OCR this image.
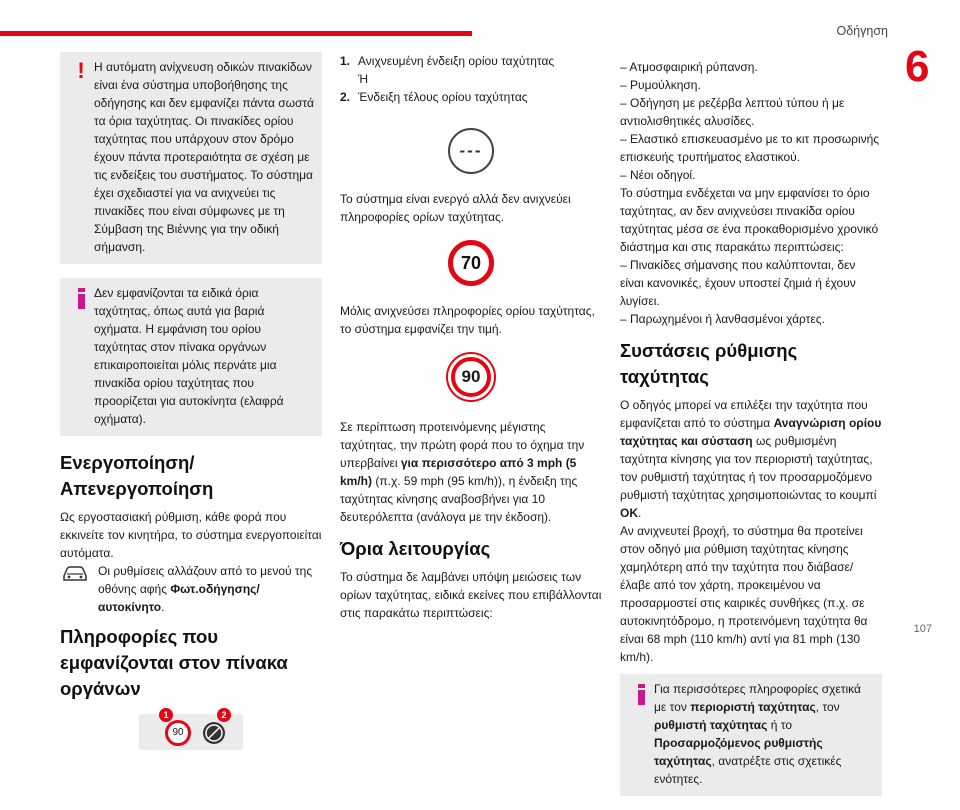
Οδήγηση
6
107
! Η αυτόματη ανίχνευση οδικών πινακίδων είναι ένα σύστημα υποβοήθησης της οδήγησης και δεν εμφανίζει πάντα σωστά τα όρια ταχύτητας. Οι πινακίδες ορίου ταχύτητας που υπάρχουν στον δρόμο έχουν πάντα προτεραιότητα σε σχέση με τις ενδείξεις του συστήματος. Το σύστημα έχει σχεδιαστεί για να ανιχνεύει τις πινακίδες που είναι σύμφωνες με τη Σύμβαση της Βιέννης για την οδική σήμανση.

Δεν εμφανίζονται τα ειδικά όρια ταχύτητας, όπως αυτά για βαριά οχήματα. Η εμφάνιση του ορίου ταχύτητας στον πίνακα οργάνων επικαιροποιείται μόλις περνάτε μια πινακίδα ορίου ταχύτητας που προορίζεται για αυτοκίνητα (ελαφρά οχήματα).

Ενεργοποίηση/ Απενεργοποίηση

Ως εργοστασιακή ρύθμιση, κάθε φορά που εκκινείτε τον κινητήρα, το σύστημα ενεργοποιείται αυτόματα.

Οι ρυθμίσεις αλλάζουν από το μενού της οθόνης αφής Φωτ.οδήγησης/αυτοκίνητο.

Πληροφορίες που εμφανίζονται στον πίνακα οργάνων
1
90
2
1. Ανιχνευμένη ένδειξη ορίου ταχύτητας

Ή

2. Ένδειξη τέλους ορίου ταχύτητας

---

Το σύστημα είναι ενεργό αλλά δεν ανιχνεύει πληροφορίες ορίων ταχύτητας.

70

Μόλις ανιχνεύσει πληροφορίες ορίου ταχύτητας, το σύστημα εμφανίζει την τιμή.

90

Σε περίπτωση προτεινόμενης μέγιστης ταχύτητας, την πρώτη φορά που το όχημα την υπερβαίνει για περισσότερο από 3 mph (5 km/h) (π.χ. 59 mph (95 km/h)), η ένδειξη της ταχύτητας κίνησης αναβοσβήνει για 10 δευτερόλεπτα (ανάλογα με την έκδοση).

Όρια λειτουργίας

Το σύστημα δε λαμβάνει υπόψη μειώσεις των ορίων ταχύτητας, ειδικά εκείνες που επιβάλλονται στις παρακάτω περιπτώσεις:

– Ατμοσφαιρική ρύπανση.

– Ρυμούλκηση.

– Οδήγηση με ρεζέρβα λεπτού τύπου ή με αντιολισθητικές αλυσίδες.

– Ελαστικό επισκευασμένο με το κιτ προσωρινής επισκευής τρυπήματος ελαστικού.

– Νέοι οδηγοί.

Το σύστημα ενδέχεται να μην εμφανίσει το όριο ταχύτητας, αν δεν ανιχνεύσει πινακίδα ορίου ταχύτητας μέσα σε ένα προκαθορισμένο χρονικό διάστημα και στις παρακάτω περιπτώσεις:

– Πινακίδες σήμανσης που καλύπτονται, δεν είναι κανονικές, έχουν υποστεί ζημιά ή έχουν λυγίσει.

– Παρωχημένοι ή λανθασμένοι χάρτες.

Συστάσεις ρύθμισης ταχύτητας

Ο οδηγός μπορεί να επιλέξει την ταχύτητα που εμφανίζεται από το σύστημα Αναγνώριση ορίου ταχύτητας και σύσταση ως ρυθμισμένη ταχύτητα κίνησης για τον περιοριστή ταχύτητας, τον ρυθμιστή ταχύτητας ή τον προσαρμοζόμενο ρυθμιστή ταχύτητας χρησιμοποιώντας το κουμπί ΟΚ.

Αν ανιχνευτεί βροχή, το σύστημα θα προτείνει στον οδηγό μια ρύθμιση ταχύτητας κίνησης χαμηλότερη από την ταχύτητα που διάβασε/έλαβε από τον χάρτη, προκειμένου να προσαρμοστεί στις καιρικές συνθήκες (π.χ. σε αυτοκινητόδρομο, η προτεινόμενη ταχύτητα θα είναι 68 mph (110 km/h) αντί για 81 mph (130 km/h).

Για περισσότερες πληροφορίες σχετικά με τον περιοριστή ταχύτητας, τον ρυθμιστή ταχύτητας ή το Προσαρμοζόμενος ρυθμιστής ταχύτητας, ανατρέξτε στις σχετικές ενότητες.
